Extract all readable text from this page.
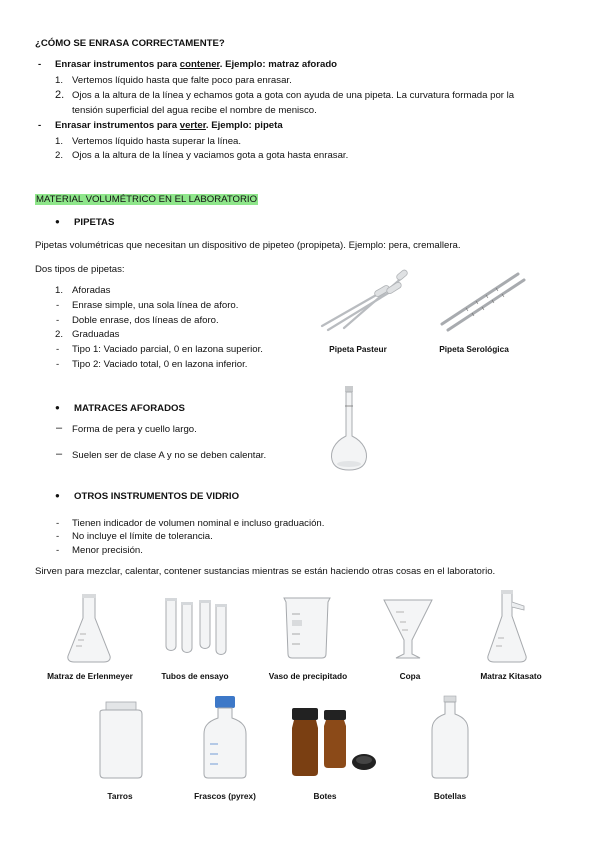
¿CÓMO SE ENRASA CORRECTAMENTE?
- Enrasar instrumentos para contener. Ejemplo: matraz aforado
1. Vertemos líquido hasta que falte poco para enrasar.
2. Ojos a la altura de la línea y echamos gota a gota con ayuda de una pipeta. La curvatura formada por la
tensión superficial del agua recibe el nombre de menisco.
- Enrasar instrumentos para verter. Ejemplo: pipeta
1. Vertemos líquido hasta superar la línea.
2. Ojos a la altura de la línea y vaciamos gota a gota hasta enrasar.
MATERIAL VOLUMÉTRICO EN EL LABORATORIO
● PIPETAS
Pipetas volumétricas que necesitan un dispositivo de pipeteo (propipeta). Ejemplo: pera, cremallera.
Dos tipos de pipetas:
1. Aforadas
- Enrase simple, una sola línea de aforo.
- Doble enrase, dos líneas de aforo.
2. Graduadas
- Tipo 1: Vaciado parcial, 0 en lazona superior.
- Tipo 2: Vaciado total, 0 en lazona inferior.
Pipeta Pasteur	Pipeta Serológica
● MATRACES AFORADOS
– Forma de pera y cuello largo.
– Suelen ser de clase A y no se deben calentar.
● OTROS INSTRUMENTOS DE VIDRIO
- Tienen indicador de volumen nominal e incluso graduación.
- No incluye el límite de tolerancia.
- Menor precisión.
Sirven para mezclar, calentar, contener sustancias mientras se están haciendo otras cosas en el laboratorio.
Matraz de Erlenmeyer	Tubos de ensayo	Vaso de precipitado	Copa	Matraz Kitasato
Tarros	Frascos (pyrex)	Botes	Botellas
